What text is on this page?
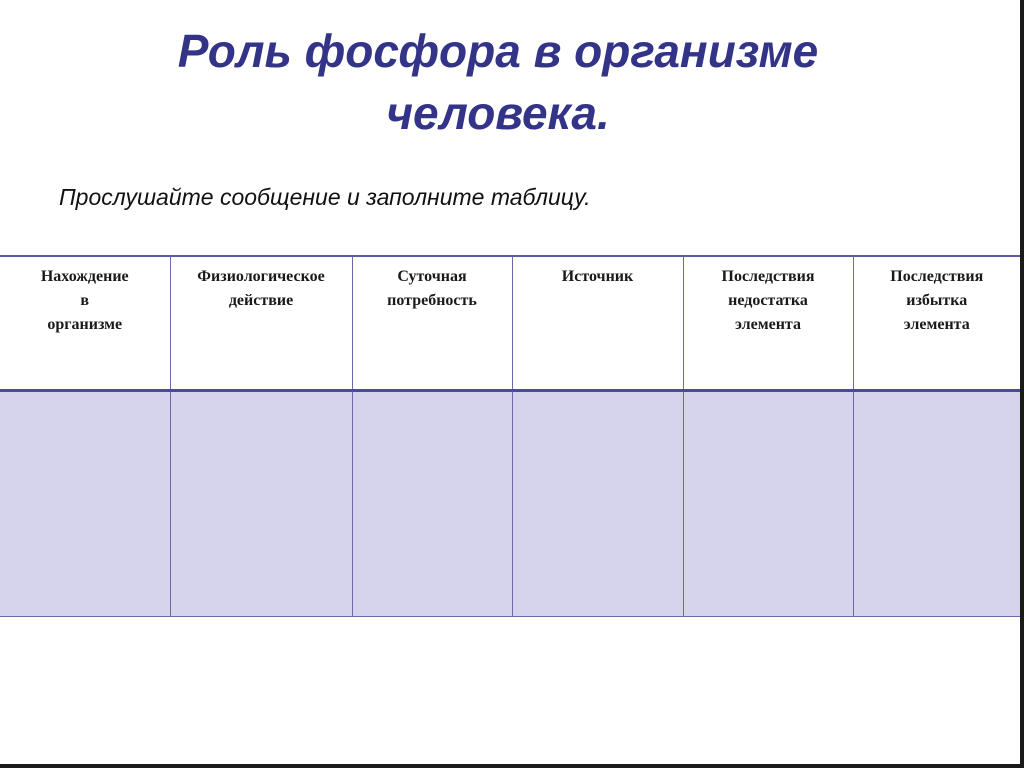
Роль фосфора в организме
человека.

Прослушайте сообщение и заполните таблицу.

Нахождение
в
организме	Физиологическое
действие	Суточная
потребность	Источник	Последствия
недостатка
элемента	Последствия
избытка
элемента
